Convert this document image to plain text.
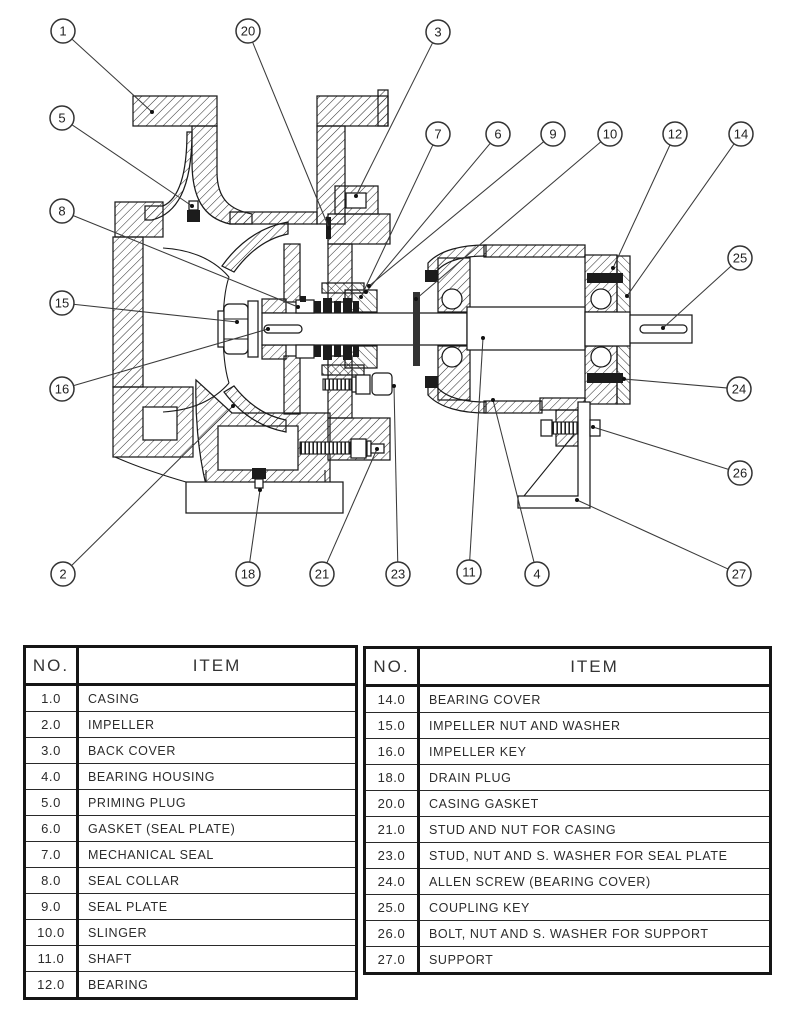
1	20	3
5
7	6	9	10	12	14
8
25
15
16	24
26
2	18	21	23	11	4	27
NO.	ITEM
1.0	CASING
2.0	IMPELLER
3.0	BACK COVER
4.0	BEARING HOUSING
5.0	PRIMING PLUG
6.0	GASKET (SEAL PLATE)
7.0	MECHANICAL SEAL
8.0	SEAL COLLAR
9.0	SEAL PLATE
10.0	SLINGER
11.0	SHAFT
12.0	BEARING
NO.	ITEM
14.0	BEARING COVER
15.0	IMPELLER NUT AND WASHER
16.0	IMPELLER KEY
18.0	DRAIN PLUG
20.0	CASING GASKET
21.0	STUD AND NUT FOR CASING
23.0	STUD, NUT AND S. WASHER FOR SEAL PLATE
24.0	ALLEN SCREW (BEARING COVER)
25.0	COUPLING KEY
26.0	BOLT, NUT AND S. WASHER FOR SUPPORT
27.0	SUPPORT
